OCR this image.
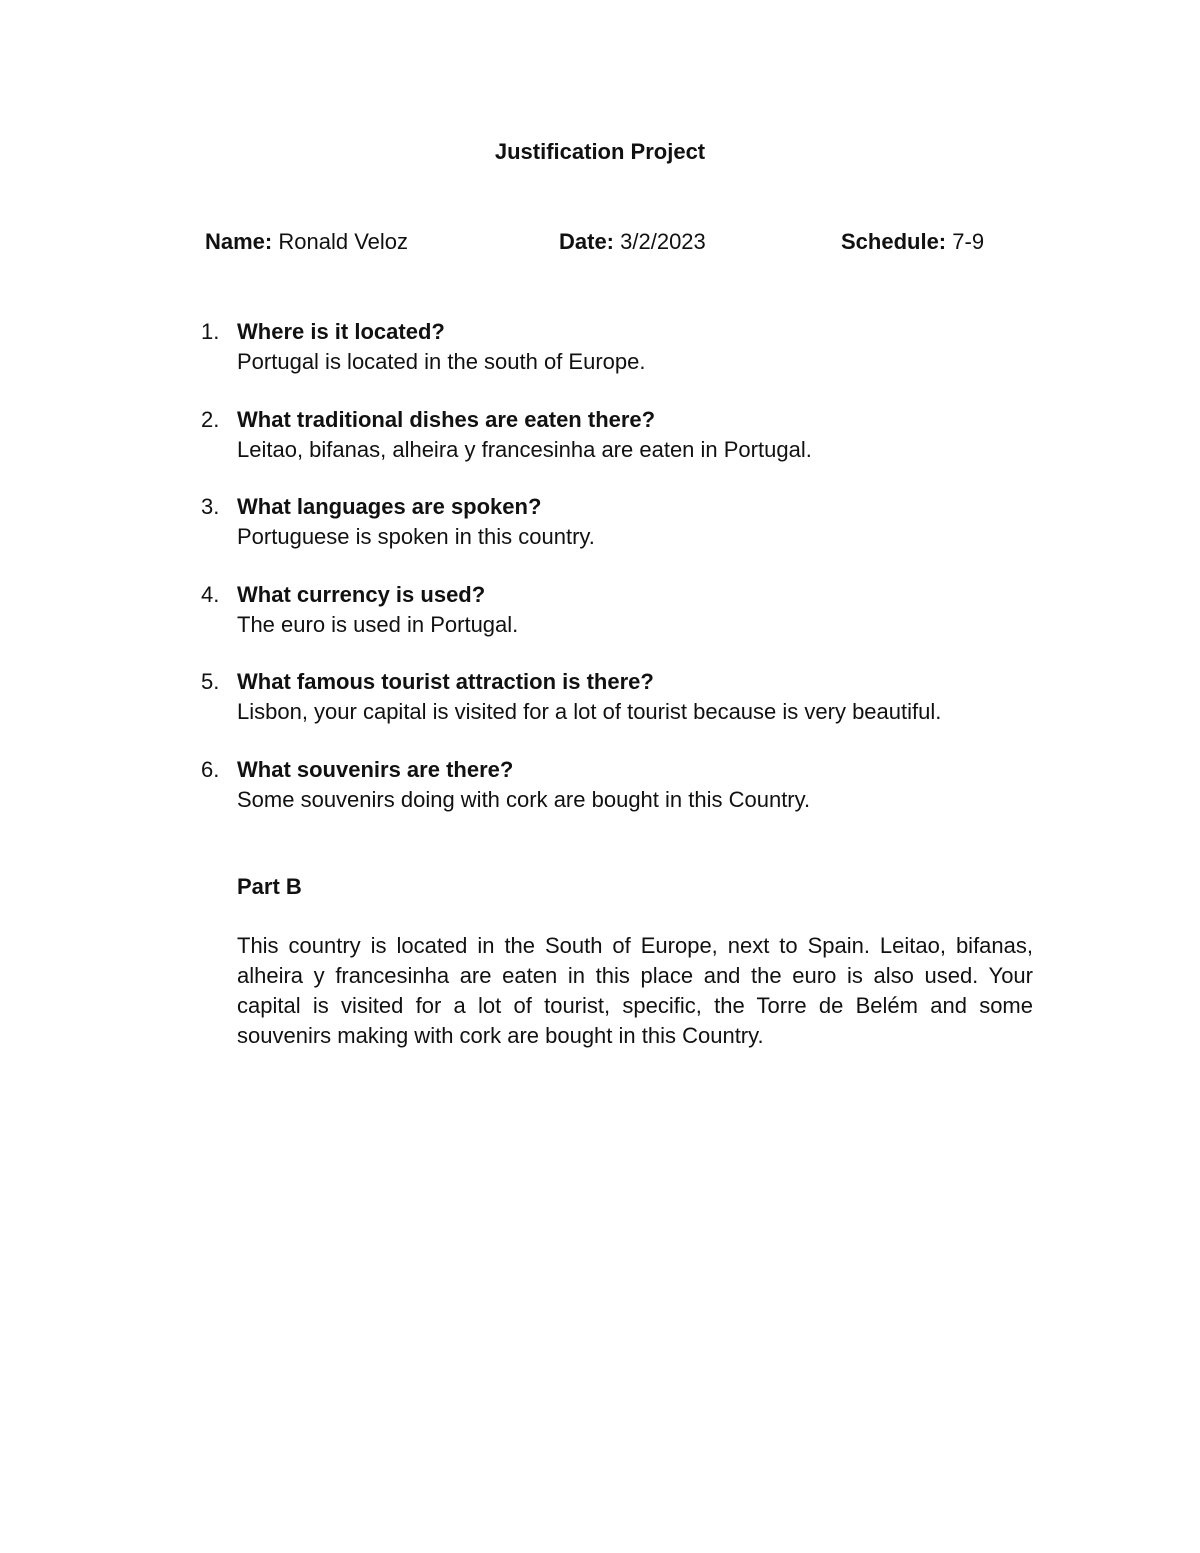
Justification Project
Name: Ronald Veloz	Date: 3/2/2023	Schedule: 7-9
1. Where is it located?
Portugal is located in the south of Europe.
2. What traditional dishes are eaten there?
Leitao, bifanas, alheira y francesinha are eaten in Portugal.
3. What languages are spoken?
Portuguese is spoken in this country.
4. What currency is used?
The euro is used in Portugal.
5. What famous tourist attraction is there?
Lisbon, your capital is visited for a lot of tourist because is very beautiful.
6. What souvenirs are there?
Some souvenirs doing with cork are bought in this Country.
Part B
This country is located in the South of Europe, next to Spain. Leitao, bifanas, alheira y francesinha are eaten in this place and the euro is also used. Your capital is visited for a lot of tourist, specific, the Torre de Belém and some souvenirs making with cork are bought in this Country.
